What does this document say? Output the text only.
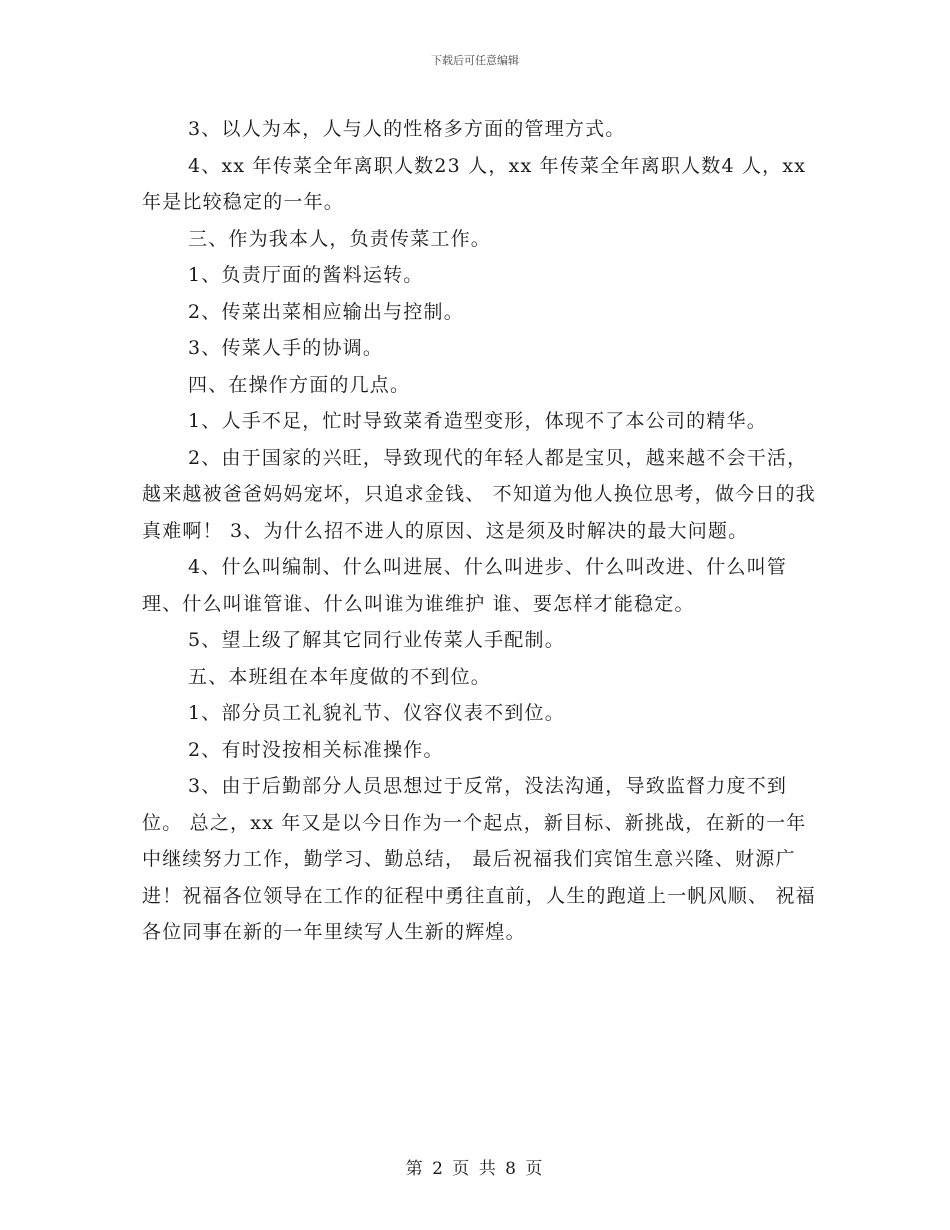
下载后可任意编辑

3、以人为本，人与人的性格多方面的管理方式。

4、xx 年传菜全年离职人数23 人，xx 年传菜全年离职人数4 人，xx 年是比较稳定的一年。

三、作为我本人，负责传菜工作。

1、负责厅面的酱料运转。

2、传菜出菜相应输出与控制。

3、传菜人手的协调。

四、在操作方面的几点。

1、人手不足，忙时导致菜肴造型变形，体现不了本公司的精华。

2、由于国家的兴旺，导致现代的年轻人都是宝贝，越来越不会干活，越来越被爸爸妈妈宠坏，只追求金钱、 不知道为他人换位思考，做今日的我真难啊！ 3、为什么招不进人的原因、这是须及时解决的最大问题。

4、什么叫编制、什么叫进展、什么叫进步、什么叫改进、什么叫管理、什么叫谁管谁、什么叫谁为谁维护 谁、要怎样才能稳定。

5、望上级了解其它同行业传菜人手配制。

五、本班组在本年度做的不到位。

1、部分员工礼貌礼节、仪容仪表不到位。

2、有时没按相关标准操作。

3、由于后勤部分人员思想过于反常，没法沟通，导致监督力度不到位。 总之，xx 年又是以今日作为一个起点，新目标、新挑战，在新的一年中继续努力工作，勤学习、勤总结， 最后祝福我们宾馆生意兴隆、财源广进！祝福各位领导在工作的征程中勇往直前，人生的跑道上一帆风顺、 祝福各位同事在新的一年里续写人生新的辉煌。

第 2 页 共 8 页
